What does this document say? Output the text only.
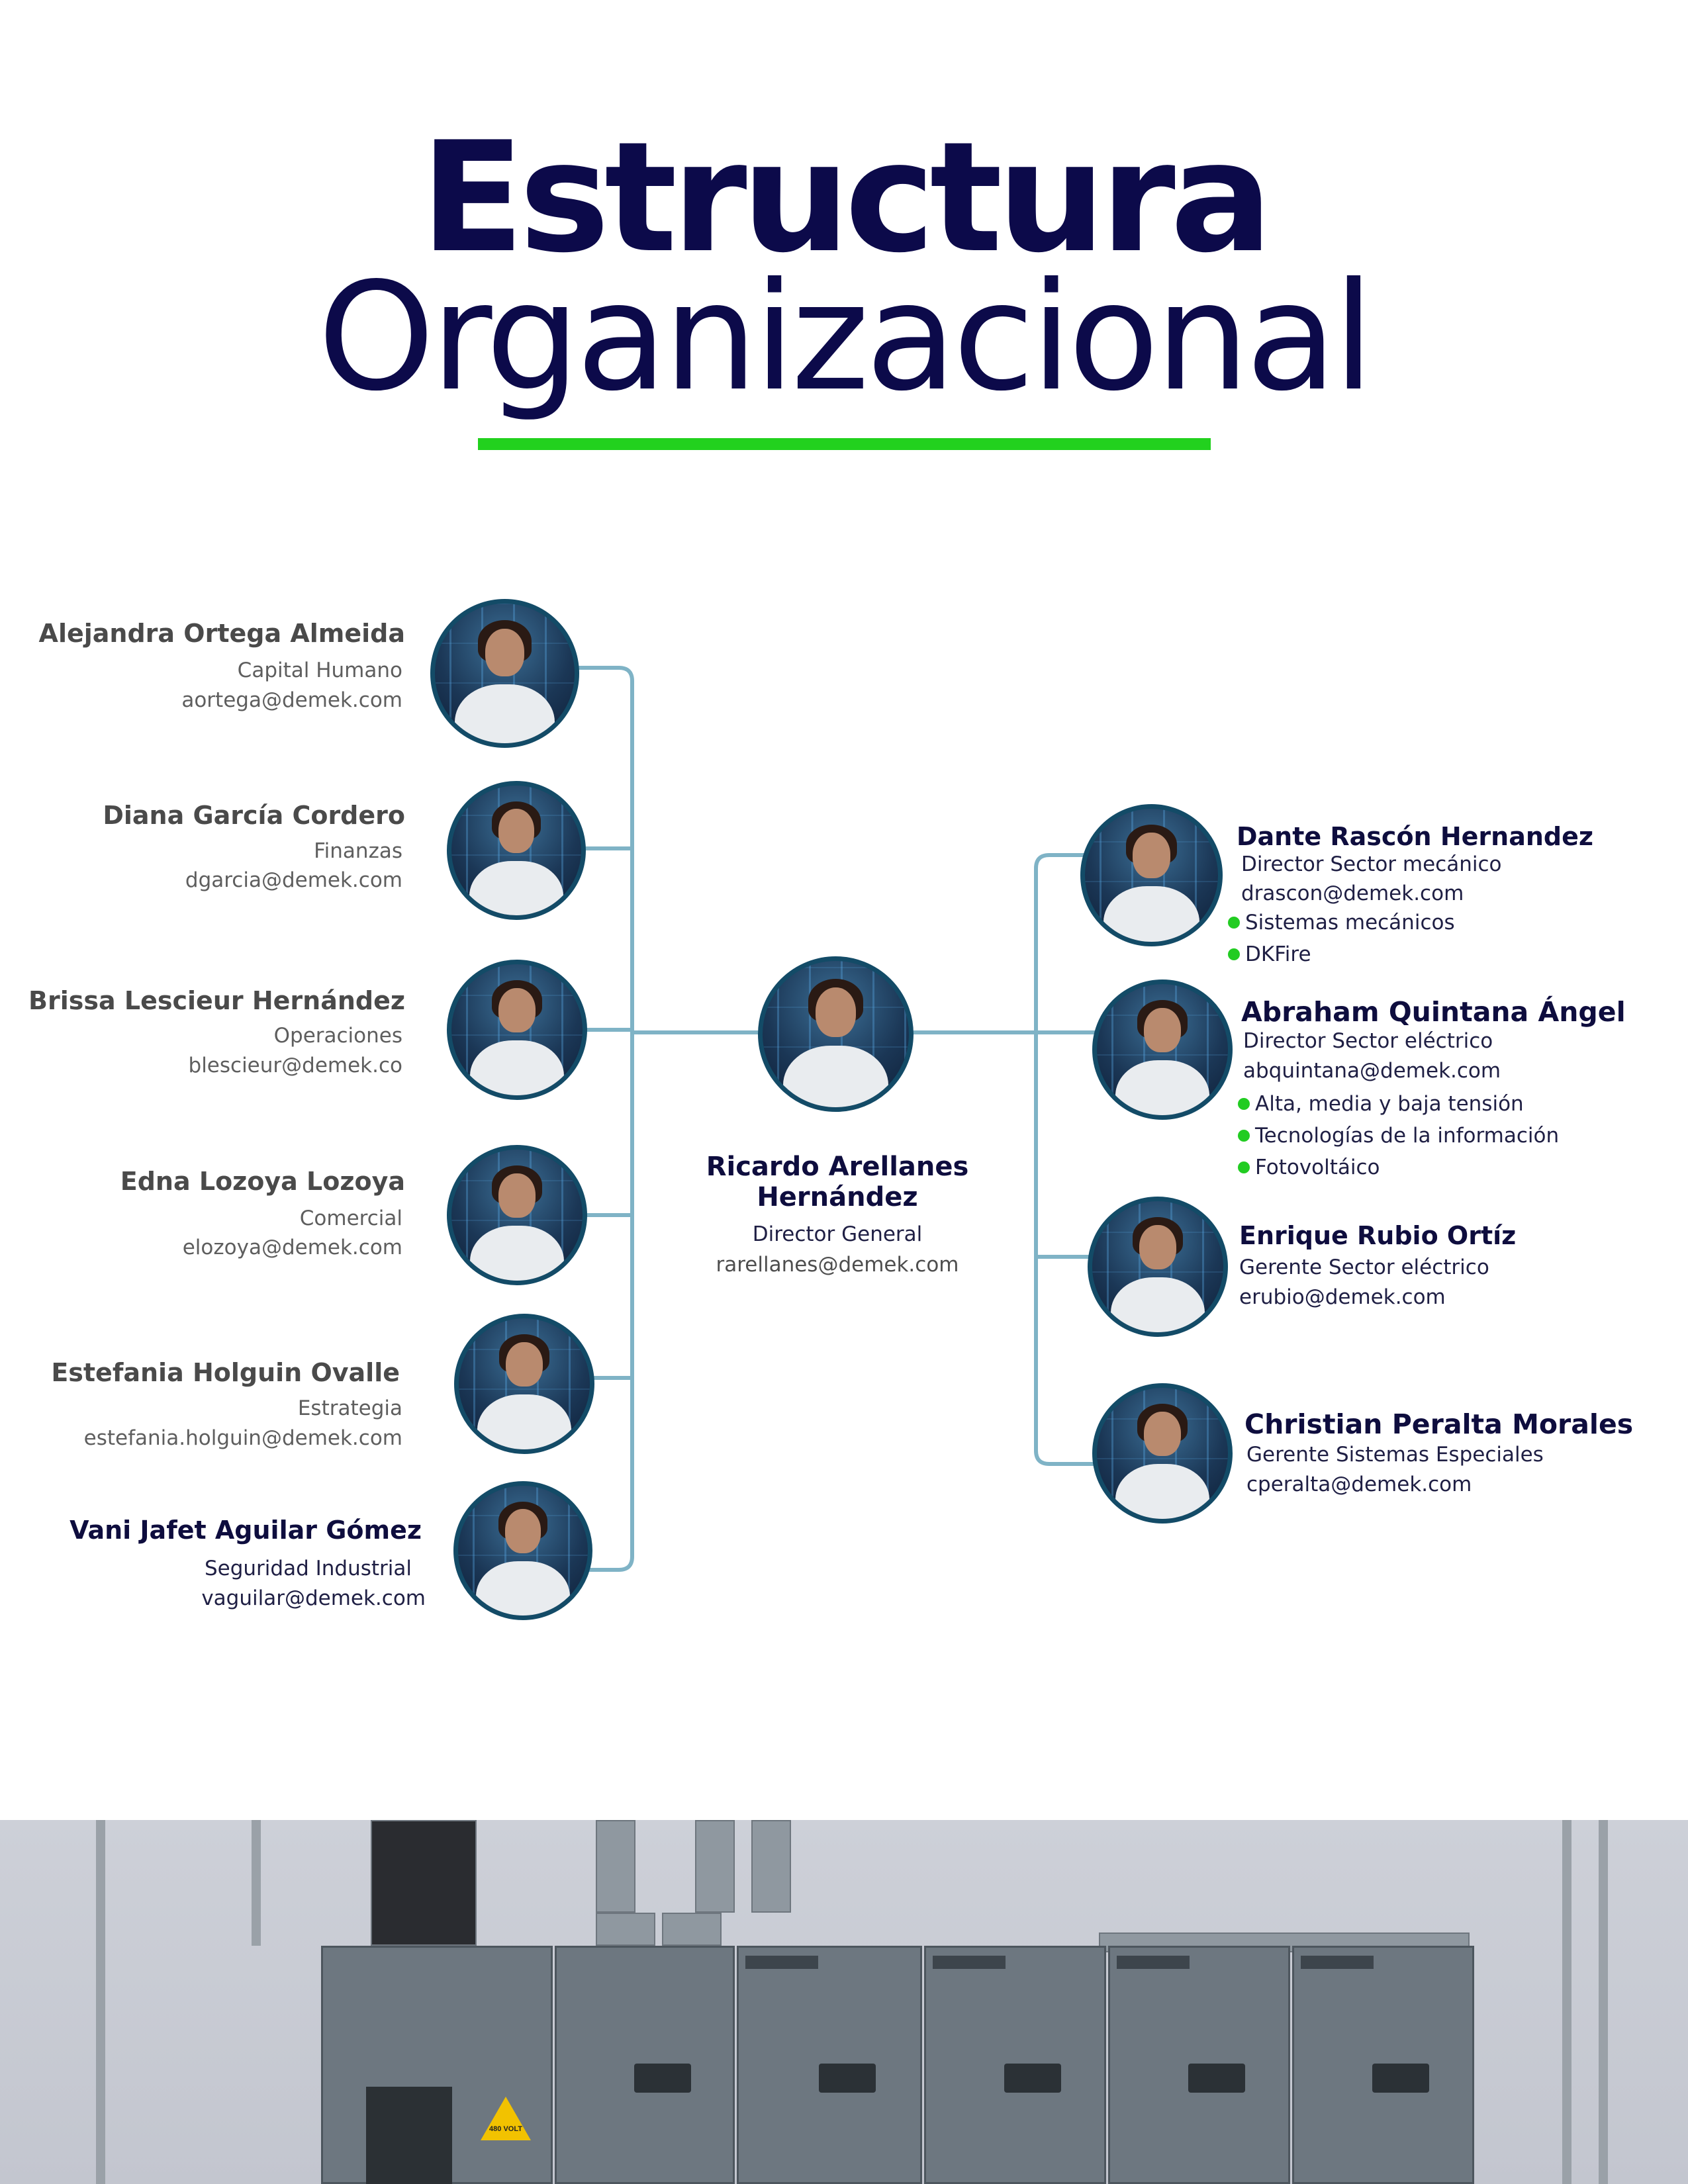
Estructura
Organizacional
Alejandra Ortega Almeida
Capital Humano
aortega@demek.com
Diana García Cordero
Finanzas
dgarcia@demek.com
Brissa Lescieur Hernández
Operaciones
blescieur@demek.co
Edna Lozoya Lozoya
Comercial
elozoya@demek.com
Estefania Holguin Ovalle
Estrategia
estefania.holguin@demek.com
Vani Jafet Aguilar Gómez
Seguridad Industrial
vaguilar@demek.com
Ricardo Arellanes
Hernández
Director General
rarellanes@demek.com
Dante Rascón Hernandez
Director Sector mecánico
drascon@demek.com
Sistemas mecánicos
DKFire
Abraham Quintana Ángel
Director Sector eléctrico
abquintana@demek.com
Alta, media y baja tensión
Tecnologías de la información
Fotovoltáico
Enrique Rubio Ortíz
Gerente Sector eléctrico
erubio@demek.com
Christian Peralta Morales
Gerente Sistemas Especiales
cperalta@demek.com
480 VOLT
